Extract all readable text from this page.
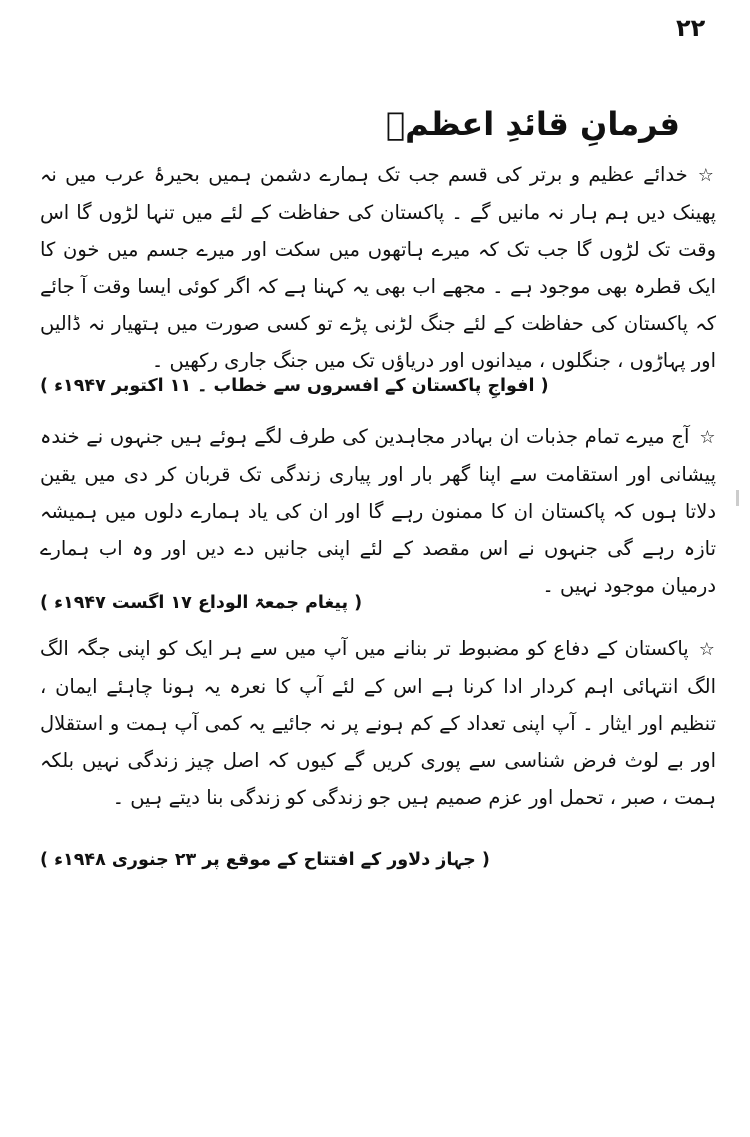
۲۲
فرمانِ قائدِ اعظمؒ
☆خدائے عظیم و برتر کی قسم جب تک ہمارے دشمن ہمیں بحیرۂ عرب میں نہ پھینک دیں ہم ہار نہ مانیں گے ۔ پاکستان کی حفاظت کے لئے میں تنہا لڑوں گا اس وقت تک لڑوں گا جب تک کہ میرے ہاتھوں میں سکت اور میرے جسم میں خون کا ایک قطرہ بھی موجود ہے ۔ مجھے اب بھی یہ کہنا ہے کہ اگر کوئی ایسا وقت آ جائے کہ پاکستان کی حفاظت کے لئے جنگ لڑنی پڑے تو کسی صورت میں ہتھیار نہ ڈالیں اور پہاڑوں ، جنگلوں ، میدانوں اور دریاؤں تک میں جنگ جاری رکھیں ۔
( افواجِ پاکستان کے افسروں سے خطاب ۔ ۱۱ اکتوبر ۱۹۴۷ء )
☆آج میرے تمام جذبات ان بہادر مجاہدین کی طرف لگے ہوئے ہیں جنہوں نے خندہ پیشانی اور استقامت سے اپنا گھر بار اور پیاری زندگی تک قربان کر دی میں یقین دلاتا ہوں کہ پاکستان ان کا ممنون رہے گا اور ان کی یاد ہمارے دلوں میں ہمیشہ تازہ رہے گی جنہوں نے اس مقصد کے لئے اپنی جانیں دے دیں اور وہ اب ہمارے درمیان موجود نہیں ۔
( پیغام جمعۃ الوداع ۱۷ اگست ۱۹۴۷ء )
☆پاکستان کے دفاع کو مضبوط تر بنانے میں آپ میں سے ہر ایک کو اپنی جگہ الگ الگ انتہائی اہم کردار ادا کرنا ہے اس کے لئے آپ کا نعرہ یہ ہونا چاہئے ایمان ، تنظیم اور ایثار ۔ آپ اپنی تعداد کے کم ہونے پر نہ جائیے یہ کمی آپ ہمت و استقلال اور بے لوث فرض شناسی سے پوری کریں گے کیوں کہ اصل چیز زندگی نہیں بلکہ ہمت ، صبر ، تحمل اور عزم صمیم ہیں جو زندگی کو زندگی بنا دیتے ہیں ۔
( جہاز دلاور کے افتتاح کے موقع پر ۲۳ جنوری ۱۹۴۸ء )
